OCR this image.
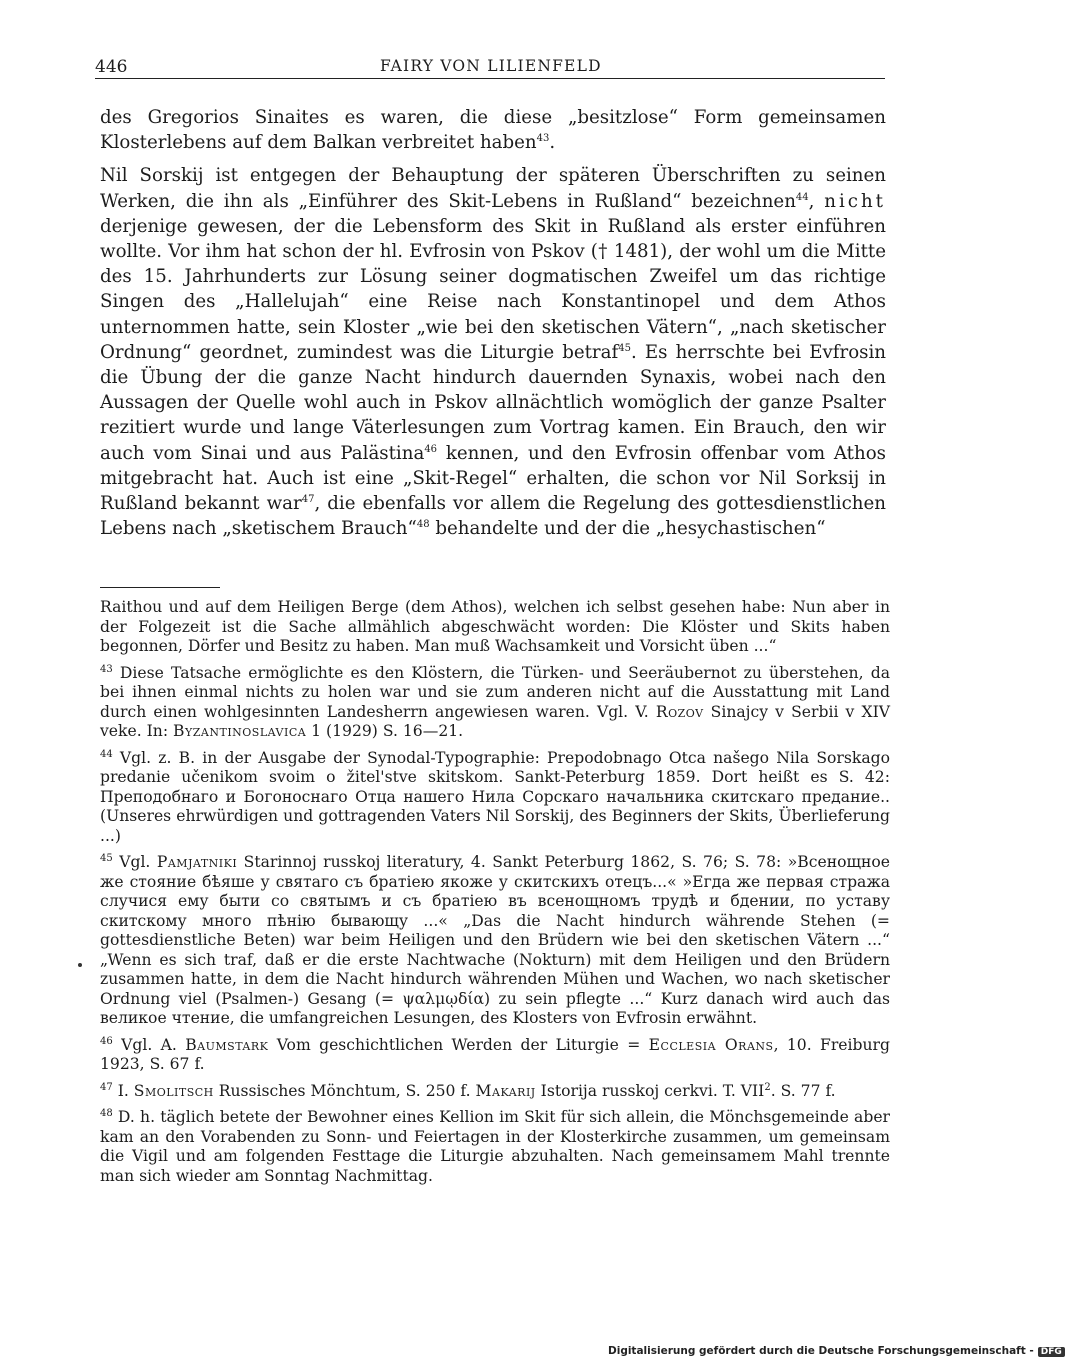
446	FAIRY VON LILIENFELD

des Gregorios Sinaites es waren, die diese „besitzlose“ Form gemeinsamen Klosterlebens auf dem Balkan verbreitet haben$^{43}$.

Nil Sorskij ist entgegen der Behauptung der späteren Überschriften zu seinen Werken, die ihn als „Einführer des Skit-Lebens in Rußland“ bezeichnen$^{44}$, nicht derjenige gewesen, der die Lebensform des Skit in Rußland als erster einführen wollte. Vor ihm hat schon der hl. Evfrosin von Pskov († 1481), der wohl um die Mitte des 15. Jahrhunderts zur Lösung seiner dogmatischen Zweifel um das richtige Singen des „Hallelujah“ eine Reise nach Konstantinopel und dem Athos unternommen hatte, sein Kloster „wie bei den sketischen Vätern“, „nach sketischer Ordnung“ geordnet, zumindest was die Liturgie betraf$^{45}$. Es herrschte bei Evfrosin die Übung der die ganze Nacht hindurch dauernden Synaxis, wobei nach den Aussagen der Quelle wohl auch in Pskov allnächtlich womöglich der ganze Psalter rezitiert wurde und lange Väterlesungen zum Vortrag kamen. Ein Brauch, den wir auch vom Sinai und aus Palästina$^{46}$ kennen, und den Evfrosin offenbar vom Athos mitgebracht hat. Auch ist eine „Skit-Regel“ erhalten, die schon vor Nil Sorksij in Rußland bekannt war$^{47}$, die ebenfalls vor allem die Regelung des gottesdienstlichen Lebens nach „sketischem Brauch“$^{48}$ behandelte und der die „hesychastischen“

Raithou und auf dem Heiligen Berge (dem Athos), welchen ich selbst gesehen habe: Nun aber in der Folgezeit ist die Sache allmählich abgeschwächt worden: Die Klöster und Skits haben begonnen, Dörfer und Besitz zu haben. Man muß Wachsamkeit und Vorsicht üben ...“

$^{43}$ Diese Tatsache ermöglichte es den Klöstern, die Türken- und Seeräubernot zu überstehen, da bei ihnen einmal nichts zu holen war und sie zum anderen nicht auf die Ausstattung mit Land durch einen wohlgesinnten Landesherrn angewiesen waren. Vgl. V. Rozov Sinajcy v Serbii v XIV veke. In: Byzantinoslavica 1 (1929) S. 16—21.

$^{44}$ Vgl. z. B. in der Ausgabe der Synodal-Typographie: Prepodobnago Otca našego Nila Sorskago predanie učenikom svoim o žitel'stve skitskom. Sankt-Peterburg 1859. Dort heißt es S. 42: Преподобнаго и Богоноснаго Отца нашего Нила Сорскаго начальника скитскаго предание.. (Unseres ehrwürdigen und gottragenden Vaters Nil Sorskij, des Beginners der Skits, Überlieferung ...)

$^{45}$ Vgl. Pamjatniki Starinnoj russkoj literatury, 4. Sankt Peterburg 1862, S. 76; S. 78: »Всенощное же стояние бѣяше у святаго съ братiею якоже у скитскихъ отецъ...« »Егда же первая стража случися ему быти со святымъ и съ братiею въ всенощномъ трудѣ и бдении, по уставу скитскому много пѣнiю бывающу ...« „Das die Nacht hindurch währende Stehen (= gottesdienstliche Beten) war beim Heiligen und den Brüdern wie bei den sketischen Vätern ...“ „Wenn es sich traf, daß er die erste Nachtwache (Nokturn) mit dem Heiligen und den Brüdern zusammen hatte, in dem die Nacht hindurch währenden Mühen und Wachen, wo nach sketischer Ordnung viel (Psalmen-) Gesang (= ψαλμῳδία) zu sein pflegte ...“ Kurz danach wird auch das великое чтение, die umfangreichen Lesungen, des Klosters von Evfrosin erwähnt.

$^{46}$ Vgl. A. Baumstark Vom geschichtlichen Werden der Liturgie = Ecclesia Orans, 10. Freiburg 1923, S. 67 f.

$^{47}$ I. Smolitsch Russisches Mönchtum, S. 250 f. Makarij Istorija russkoj cerkvi. T. VII$^2$. S. 77 f.

$^{48}$ D. h. täglich betete der Bewohner eines Kellion im Skit für sich allein, die Mönchsgemeinde aber kam an den Vorabenden zu Sonn- und Feiertagen in der Klosterkirche zusammen, um gemeinsam die Vigil und am folgenden Festtage die Liturgie abzuhalten. Nach gemeinsamem Mahl trennte man sich wieder am Sonntag Nachmittag.

Digitalisierung gefördert durch die Deutsche Forschungsgemeinschaft - DFG
